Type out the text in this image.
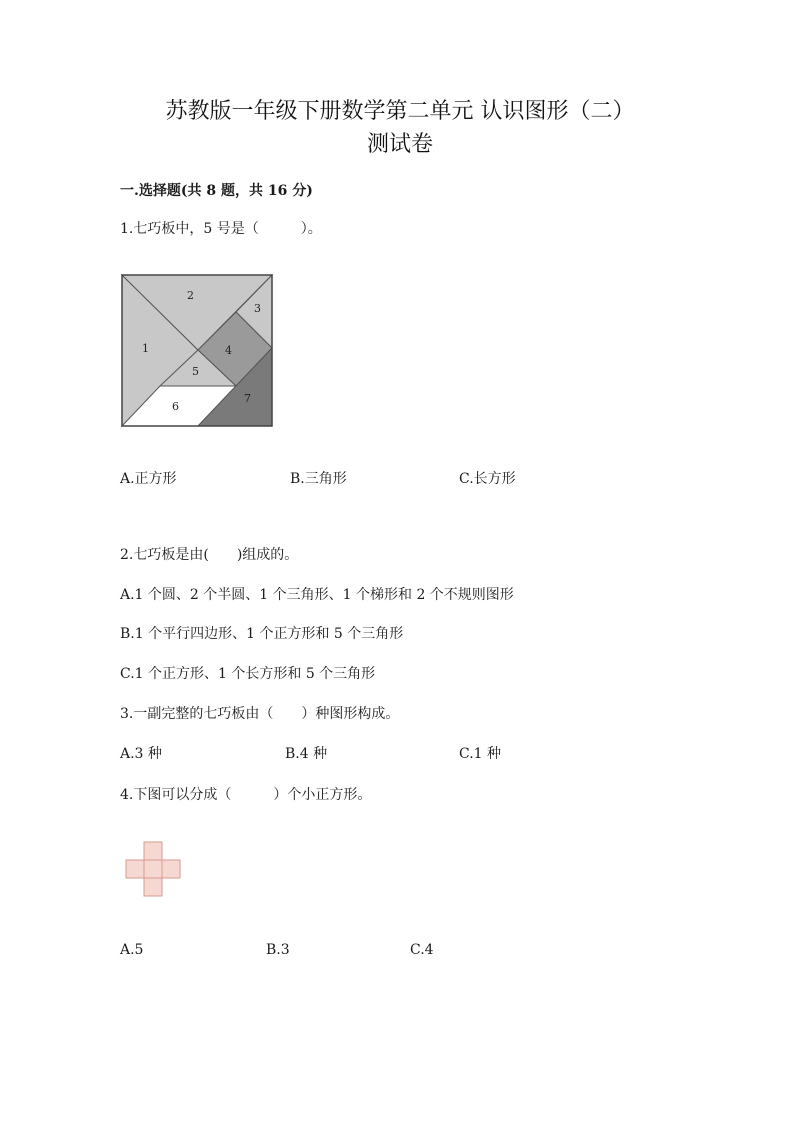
苏教版一年级下册数学第二单元 认识图形（二）
测试卷
一.选择题(共 8 题，共 16 分)
1.七巧板中，5 号是（　　　）。
1
2
3
4
5
6
7
A.正方形	B.三角形	C.长方形
2.七巧板是由(　　)组成的。
A.1 个圆、2 个半圆、1 个三角形、1 个梯形和 2 个不规则图形
B.1 个平行四边形、1 个正方形和 5 个三角形
C.1 个正方形、1 个长方形和 5 个三角形
3.一副完整的七巧板由（　　）种图形构成。
A.3 种	B.4 种	C.1 种
4.下图可以分成（　　　）个小正方形。
A.5	B.3	C.4
